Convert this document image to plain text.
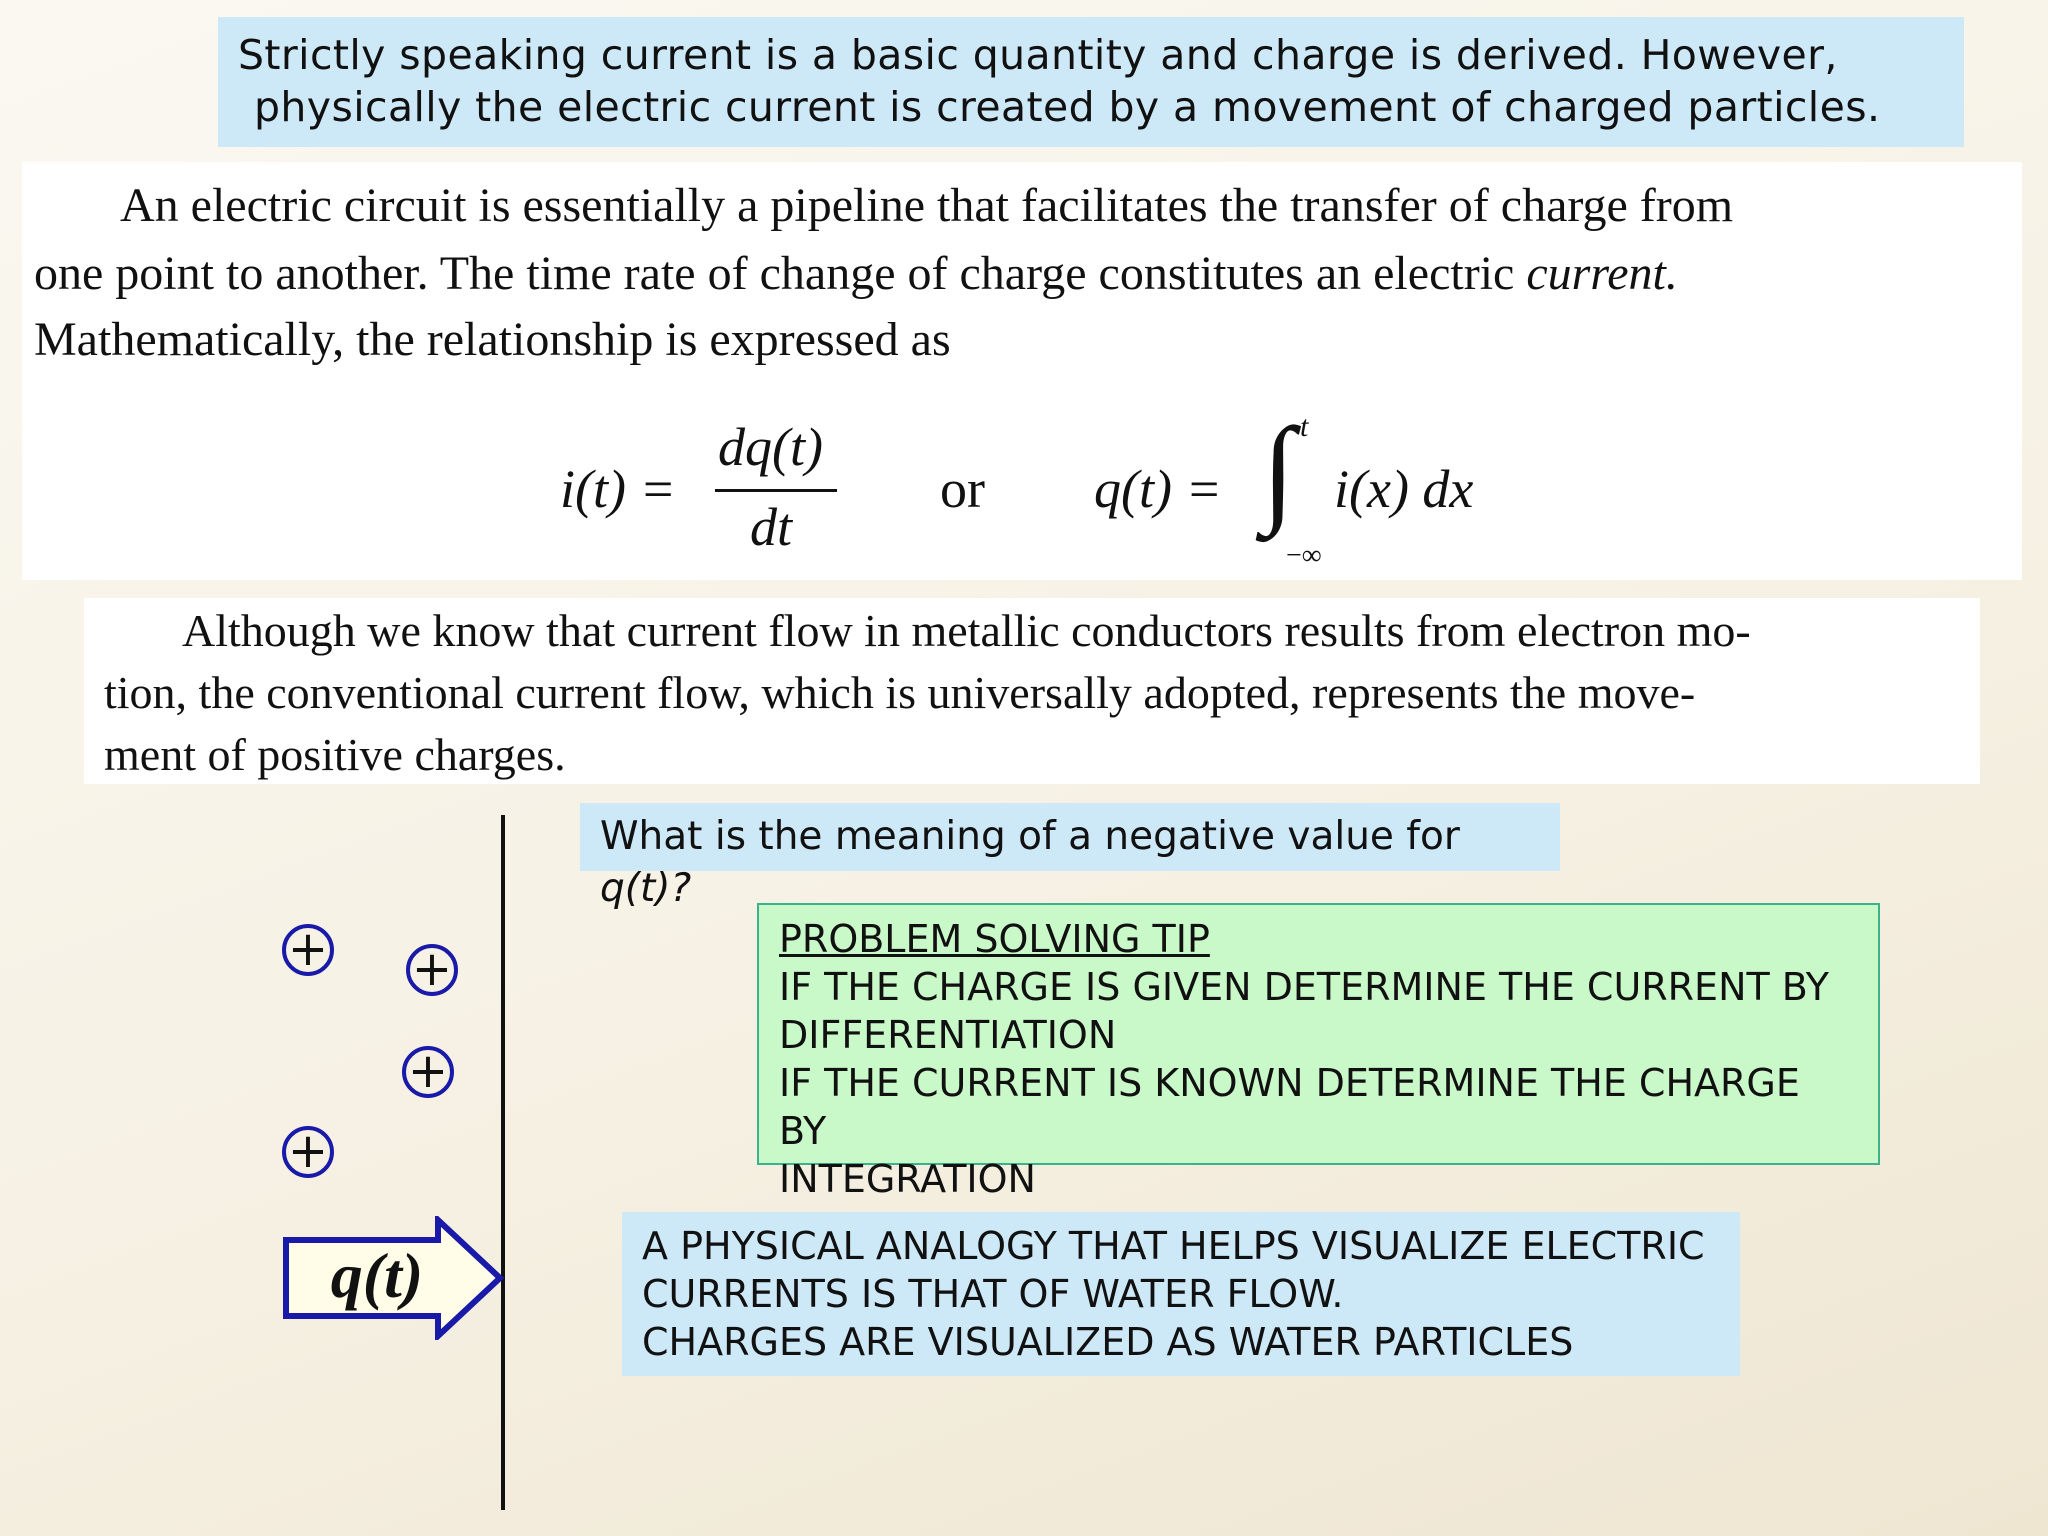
Strictly speaking current is a basic quantity and charge is derived. However,

physically the electric current is created by a movement of charged particles.
An electric circuit is essentially a pipeline that facilitates the transfer of charge from
one point to another. The time rate of change of charge constitutes an electric current.
Mathematically, the relationship is expressed as
i(t) =
dq(t)
dt
or q(t) = ∫ t
−∞
i(x) dx
Although we know that current flow in metallic conductors results from electron mo-
tion, the conventional current flow, which is universally adopted, represents the move-
ment of positive charges.
What is the meaning of a negative value for q(t)?
PROBLEM SOLVING TIP
IF THE CHARGE IS GIVEN DETERMINE THE CURRENT BY
DIFFERENTIATION
IF THE CURRENT IS KNOWN DETERMINE THE CHARGE BY
INTEGRATION
A PHYSICAL ANALOGY THAT HELPS VISUALIZE ELECTRIC
CURRENTS IS THAT OF WATER FLOW.
CHARGES ARE VISUALIZED AS WATER PARTICLES
+ +
+
+
q(t)
